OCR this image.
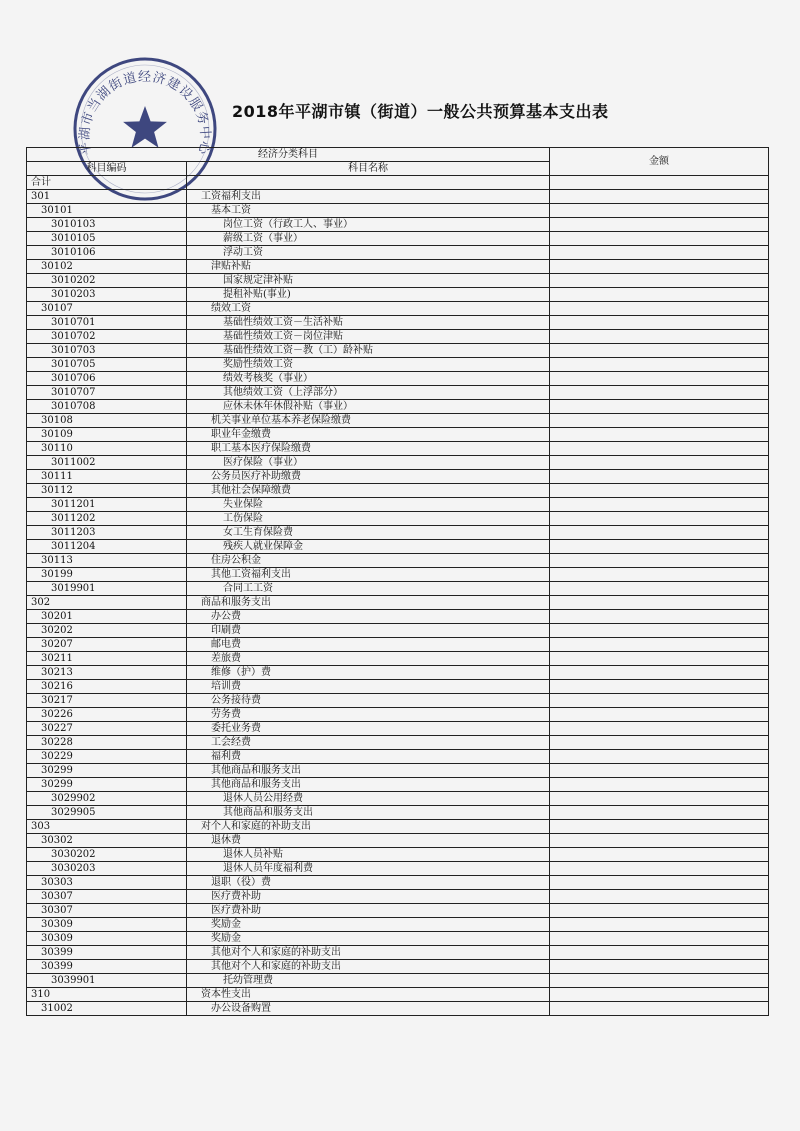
2018年平湖市镇（街道）一般公共预算基本支出表
平湖市当湖街道经济建设服务中心	经济分类科目		金额
科目编码	科目名称	
合计		
301	工资福利支出	
30101	基本工资	
3010103	岗位工资（行政工人、事业）	
3010105	薪级工资（事业）	
3010106	浮动工资	
30102	津贴补贴	
3010202	国家规定津补贴	
3010203	提租补贴(事业)	
30107	绩效工资	
3010701	基础性绩效工资－生活补贴	
3010702	基础性绩效工资－岗位津贴	
3010703	基础性绩效工资－教（工）龄补贴	
3010705	奖励性绩效工资	
3010706	绩效考核奖（事业）	
3010707	其他绩效工资（上浮部分）	
3010708	应休未休年休假补贴（事业）	
30108	机关事业单位基本养老保险缴费	
30109	职业年金缴费	
30110	职工基本医疗保险缴费	
3011002	医疗保险（事业）	
30111	公务员医疗补助缴费	
30112	其他社会保障缴费	
3011201	失业保险	
3011202	工伤保险	
3011203	女工生育保险费	
3011204	残疾人就业保障金	
30113	住房公积金	
30199	其他工资福利支出	
3019901	合同工工资	
302	商品和服务支出	
30201	办公费	
30202	印刷费	
30207	邮电费	
30211	差旅费	
30213	维修（护）费	
30216	培训费	
30217	公务接待费	
30226	劳务费	
30227	委托业务费	
30228	工会经费	
30229	福利费	
30299	其他商品和服务支出	
30299	其他商品和服务支出	
3029902	退休人员公用经费	
3029905	其他商品和服务支出	
303	对个人和家庭的补助支出	
30302	退休费	
3030202	退休人员补贴	
3030203	退休人员年度福利费	
30303	退职（役）费	
30307	医疗费补助	
30307	医疗费补助	
30309	奖励金	
30309	奖励金	
30399	其他对个人和家庭的补助支出	
30399	其他对个人和家庭的补助支出	
3039901	托幼管理费	
310	资本性支出	
31002	办公设备购置	
